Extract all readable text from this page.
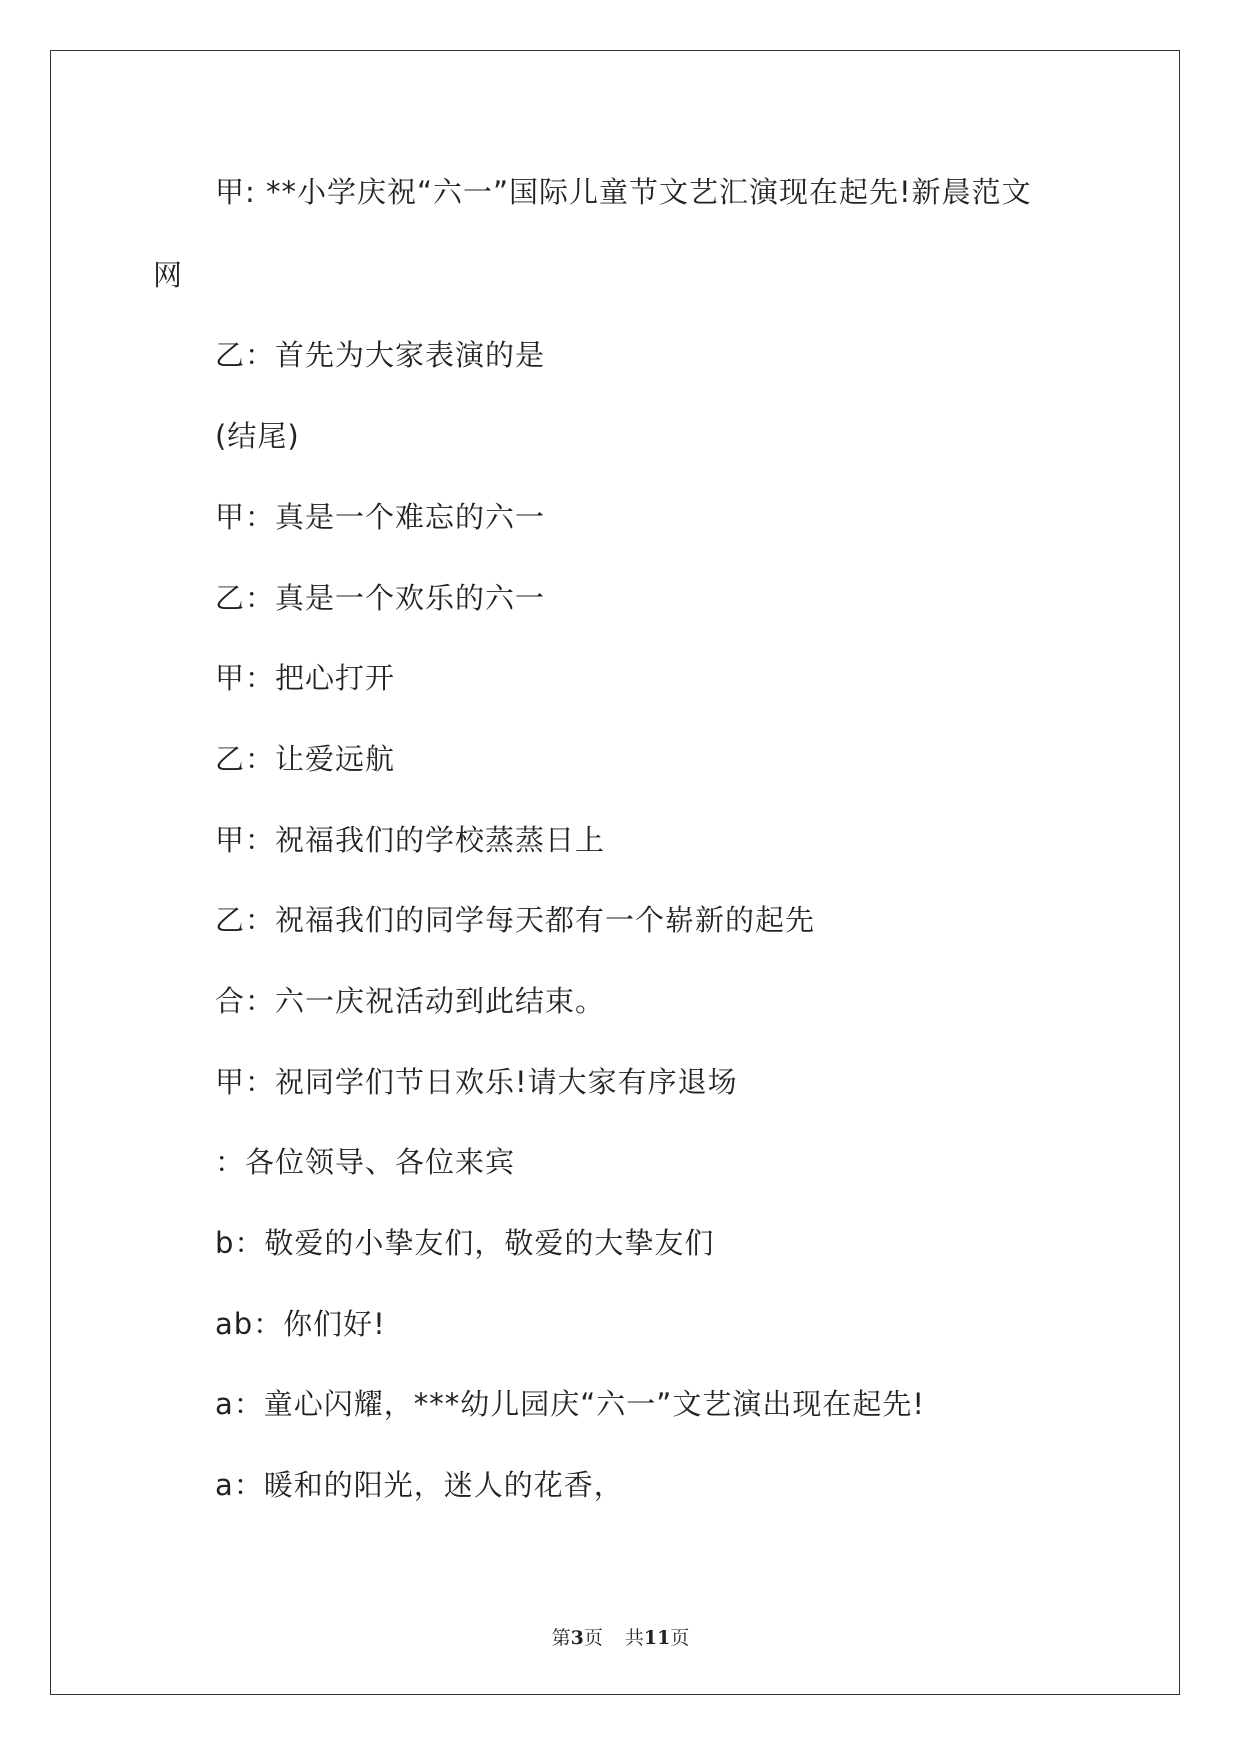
甲: **小学庆祝“六一”国际儿童节文艺汇演现在起先!新晨范文
网
乙：首先为大家表演的是
(结尾)
甲：真是一个难忘的六一
乙：真是一个欢乐的六一
甲：把心打开
乙：让爱远航
甲：祝福我们的学校蒸蒸日上
乙：祝福我们的同学每天都有一个崭新的起先
合：六一庆祝活动到此结束。
甲：祝同学们节日欢乐!请大家有序退场
：各位领导、各位来宾
b：敬爱的小挚友们，敬爱的大挚友们
ab：你们好!
a：童心闪耀，***幼儿园庆“六一”文艺演出现在起先!
a：暖和的阳光，迷人的花香，
第3页 共11页
